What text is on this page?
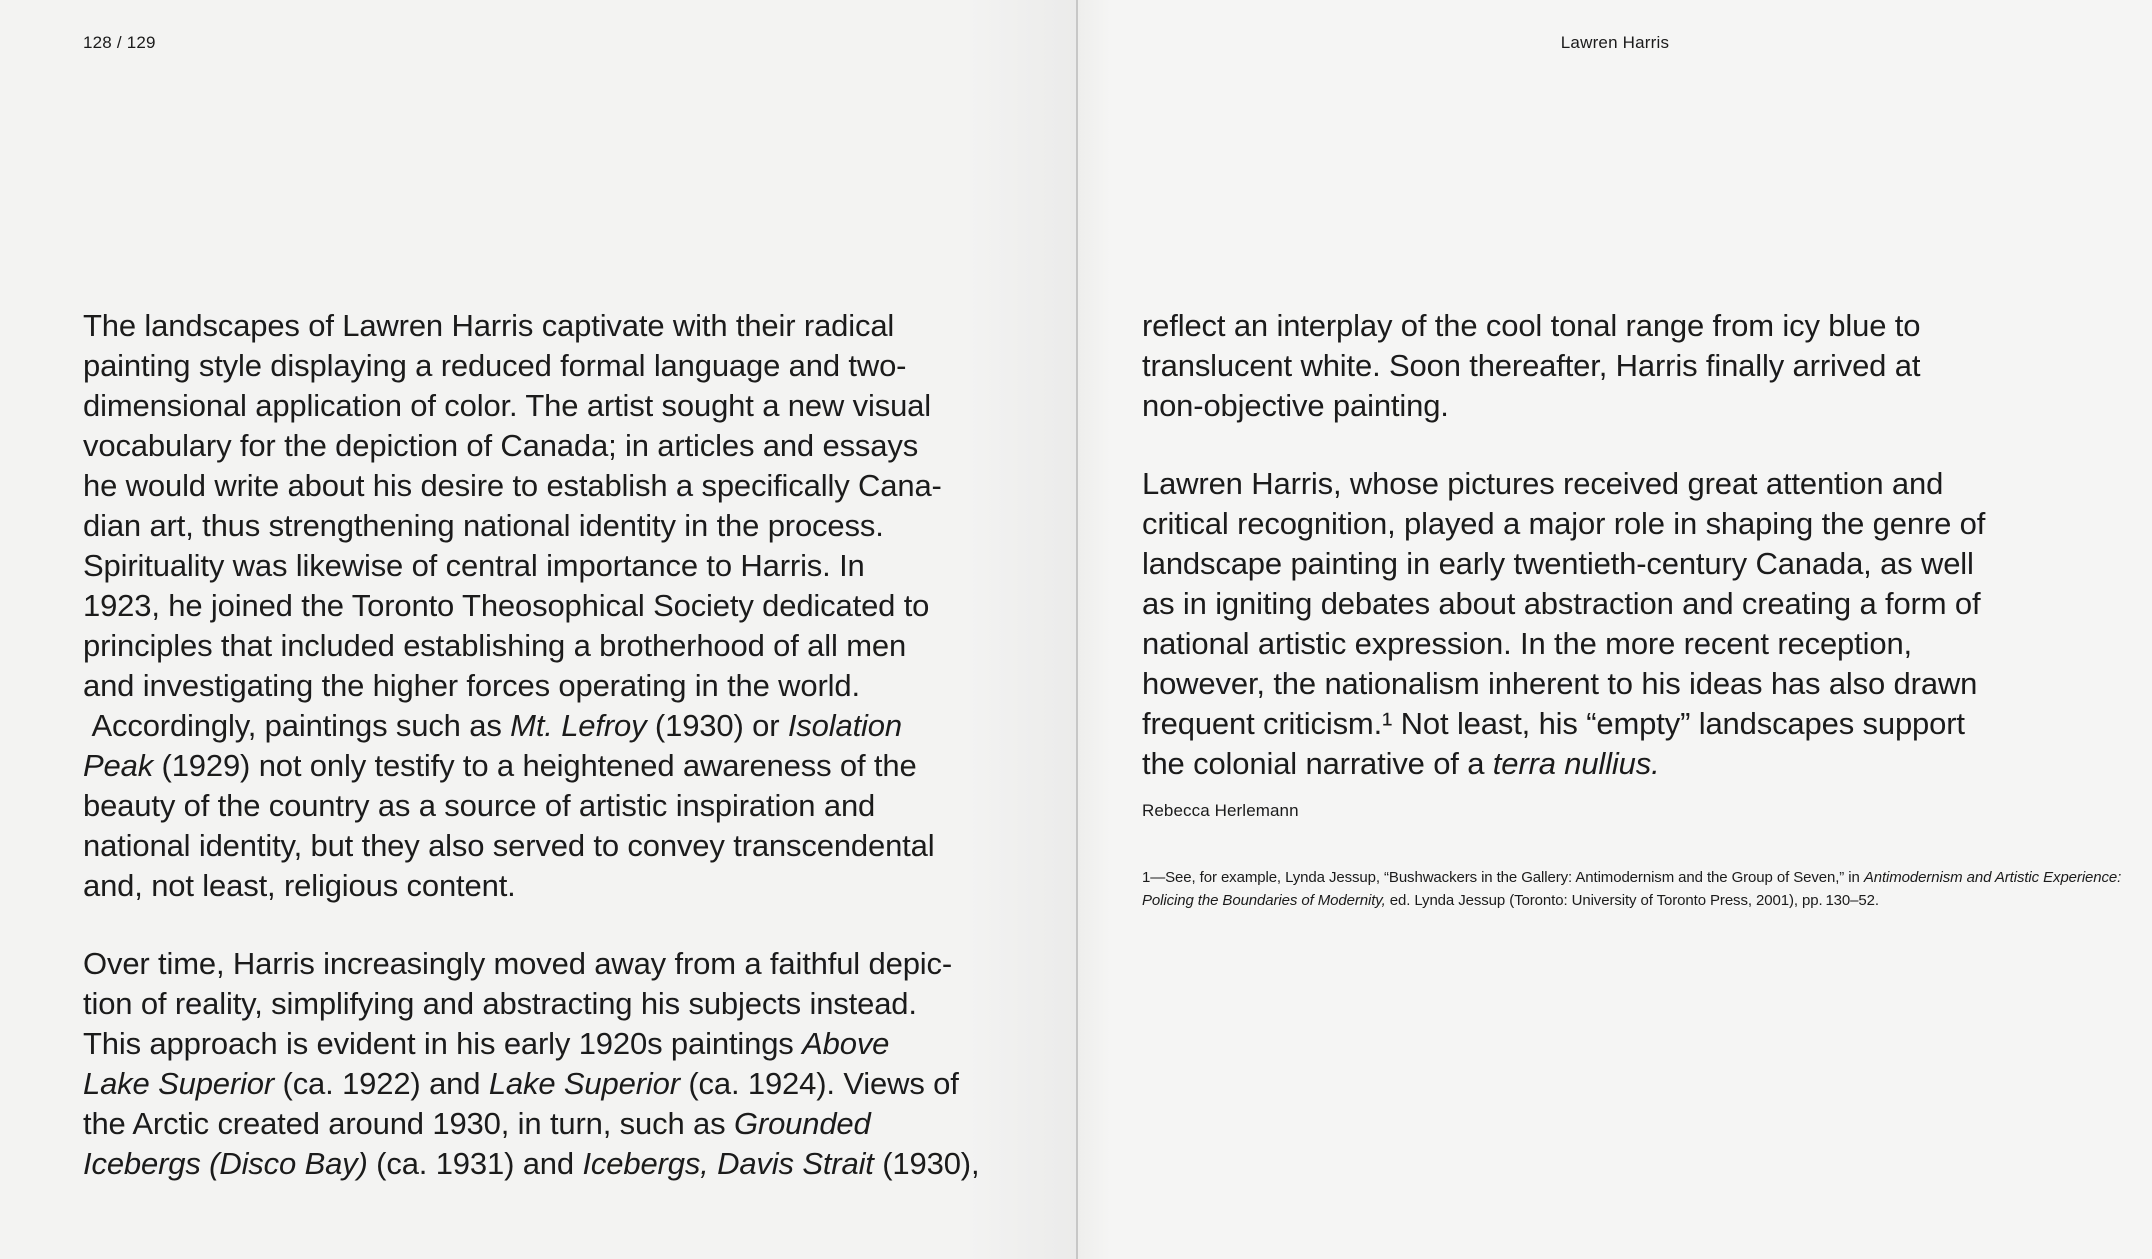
128 / 129
The landscapes of Lawren Harris captivate with their radical
painting style displaying a reduced formal language and two-
dimensional application of color. The artist sought a new visual
vocabulary for the depiction of Canada; in articles and essays
he would write about his desire to establish a specifically Cana-
dian art, thus strengthening national identity in the process.
Spirituality was likewise of central importance to Harris. In
1923, he joined the Toronto Theosophical Society dedicated to
principles that included establishing a brotherhood of all men
and investigating the higher forces operating in the world.
Accordingly, paintings such as Mt. Lefroy (1930) or Isolation
Peak (1929) not only testify to a heightened awareness of the
beauty of the country as a source of artistic inspiration and
national identity, but they also served to convey transcendental
and, not least, religious content.
Over time, Harris increasingly moved away from a faithful depic-
tion of reality, simplifying and abstracting his subjects instead.
This approach is evident in his early 1920s paintings Above
Lake Superior (ca. 1922) and Lake Superior (ca. 1924). Views of
the Arctic created around 1930, in turn, such as Grounded
Icebergs (Disco Bay) (ca. 1931) and Icebergs, Davis Strait (1930),
Lawren Harris
reflect an interplay of the cool tonal range from icy blue to
translucent white. Soon thereafter, Harris finally arrived at
non-objective painting.
Lawren Harris, whose pictures received great attention and
critical recognition, played a major role in shaping the genre of
landscape painting in early twentieth-century Canada, as well
as in igniting debates about abstraction and creating a form of
national artistic expression. In the more recent reception,
however, the nationalism inherent to his ideas has also drawn
frequent criticism.¹ Not least, his “empty” landscapes support
the colonial narrative of a terra nullius.
Rebecca Herlemann
1—See, for example, Lynda Jessup, “Bushwackers in the Gallery: Antimodernism and the Group of Seven,” in Antimodernism and Artistic Experience:
Policing the Boundaries of Modernity, ed. Lynda Jessup (Toronto: University of Toronto Press, 2001), pp. 130–52.
